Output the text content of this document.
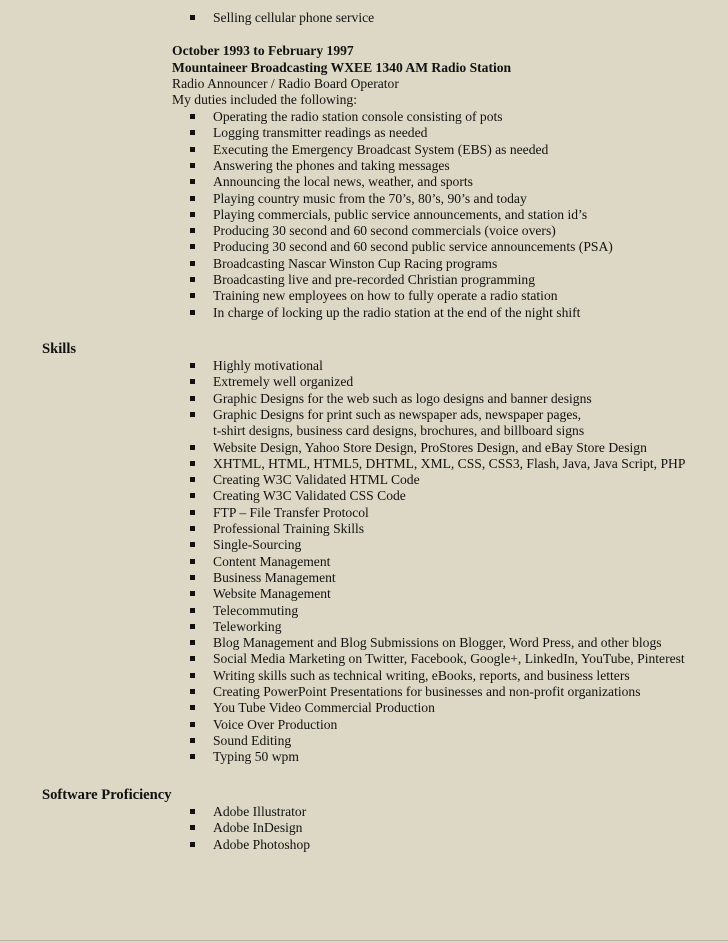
Selling cellular phone service
October 1993 to February 1997
Mountaineer Broadcasting WXEE 1340 AM Radio Station
Radio Announcer / Radio Board Operator
My duties included the following:
Operating the radio station console consisting of pots
Logging transmitter readings as needed
Executing the Emergency Broadcast System (EBS) as needed
Answering the phones and taking messages
Announcing the local news, weather, and sports
Playing country music from the 70’s, 80’s, 90’s and today
Playing commercials, public service announcements, and station id’s
Producing 30 second and 60 second commercials (voice overs)
Producing 30 second and 60 second public service announcements (PSA)
Broadcasting Nascar Winston Cup Racing programs
Broadcasting live and pre-recorded Christian programming
Training new employees on how to fully operate a radio station
In charge of locking up the radio station at the end of the night shift
Skills
Highly motivational
Extremely well organized
Graphic Designs for the web such as logo designs and banner designs
Graphic Designs for print such as newspaper ads, newspaper pages,
Website Design, Yahoo Store Design, ProStores Design, and eBay Store Design
XHTML, HTML, HTML5, DHTML, XML, CSS, CSS3, Flash, Java, Java Script, PHP
Creating W3C Validated HTML Code
Creating W3C Validated CSS Code
FTP – File Transfer Protocol
Professional Training Skills
Single-Sourcing
Content Management
Business Management
Website Management
Telecommuting
Teleworking
Blog Management and Blog Submissions on Blogger, Word Press, and other blogs
Social Media Marketing on Twitter, Facebook, Google+, LinkedIn, YouTube, Pinterest
Writing skills such as technical writing, eBooks, reports, and business letters
Creating PowerPoint Presentations for businesses and non-profit organizations
You Tube Video Commercial Production
Voice Over Production
Sound Editing
Typing 50 wpm
t-shirt designs, business card designs, brochures, and billboard signs
Software Proficiency
Adobe Illustrator
Adobe InDesign
Adobe Photoshop
